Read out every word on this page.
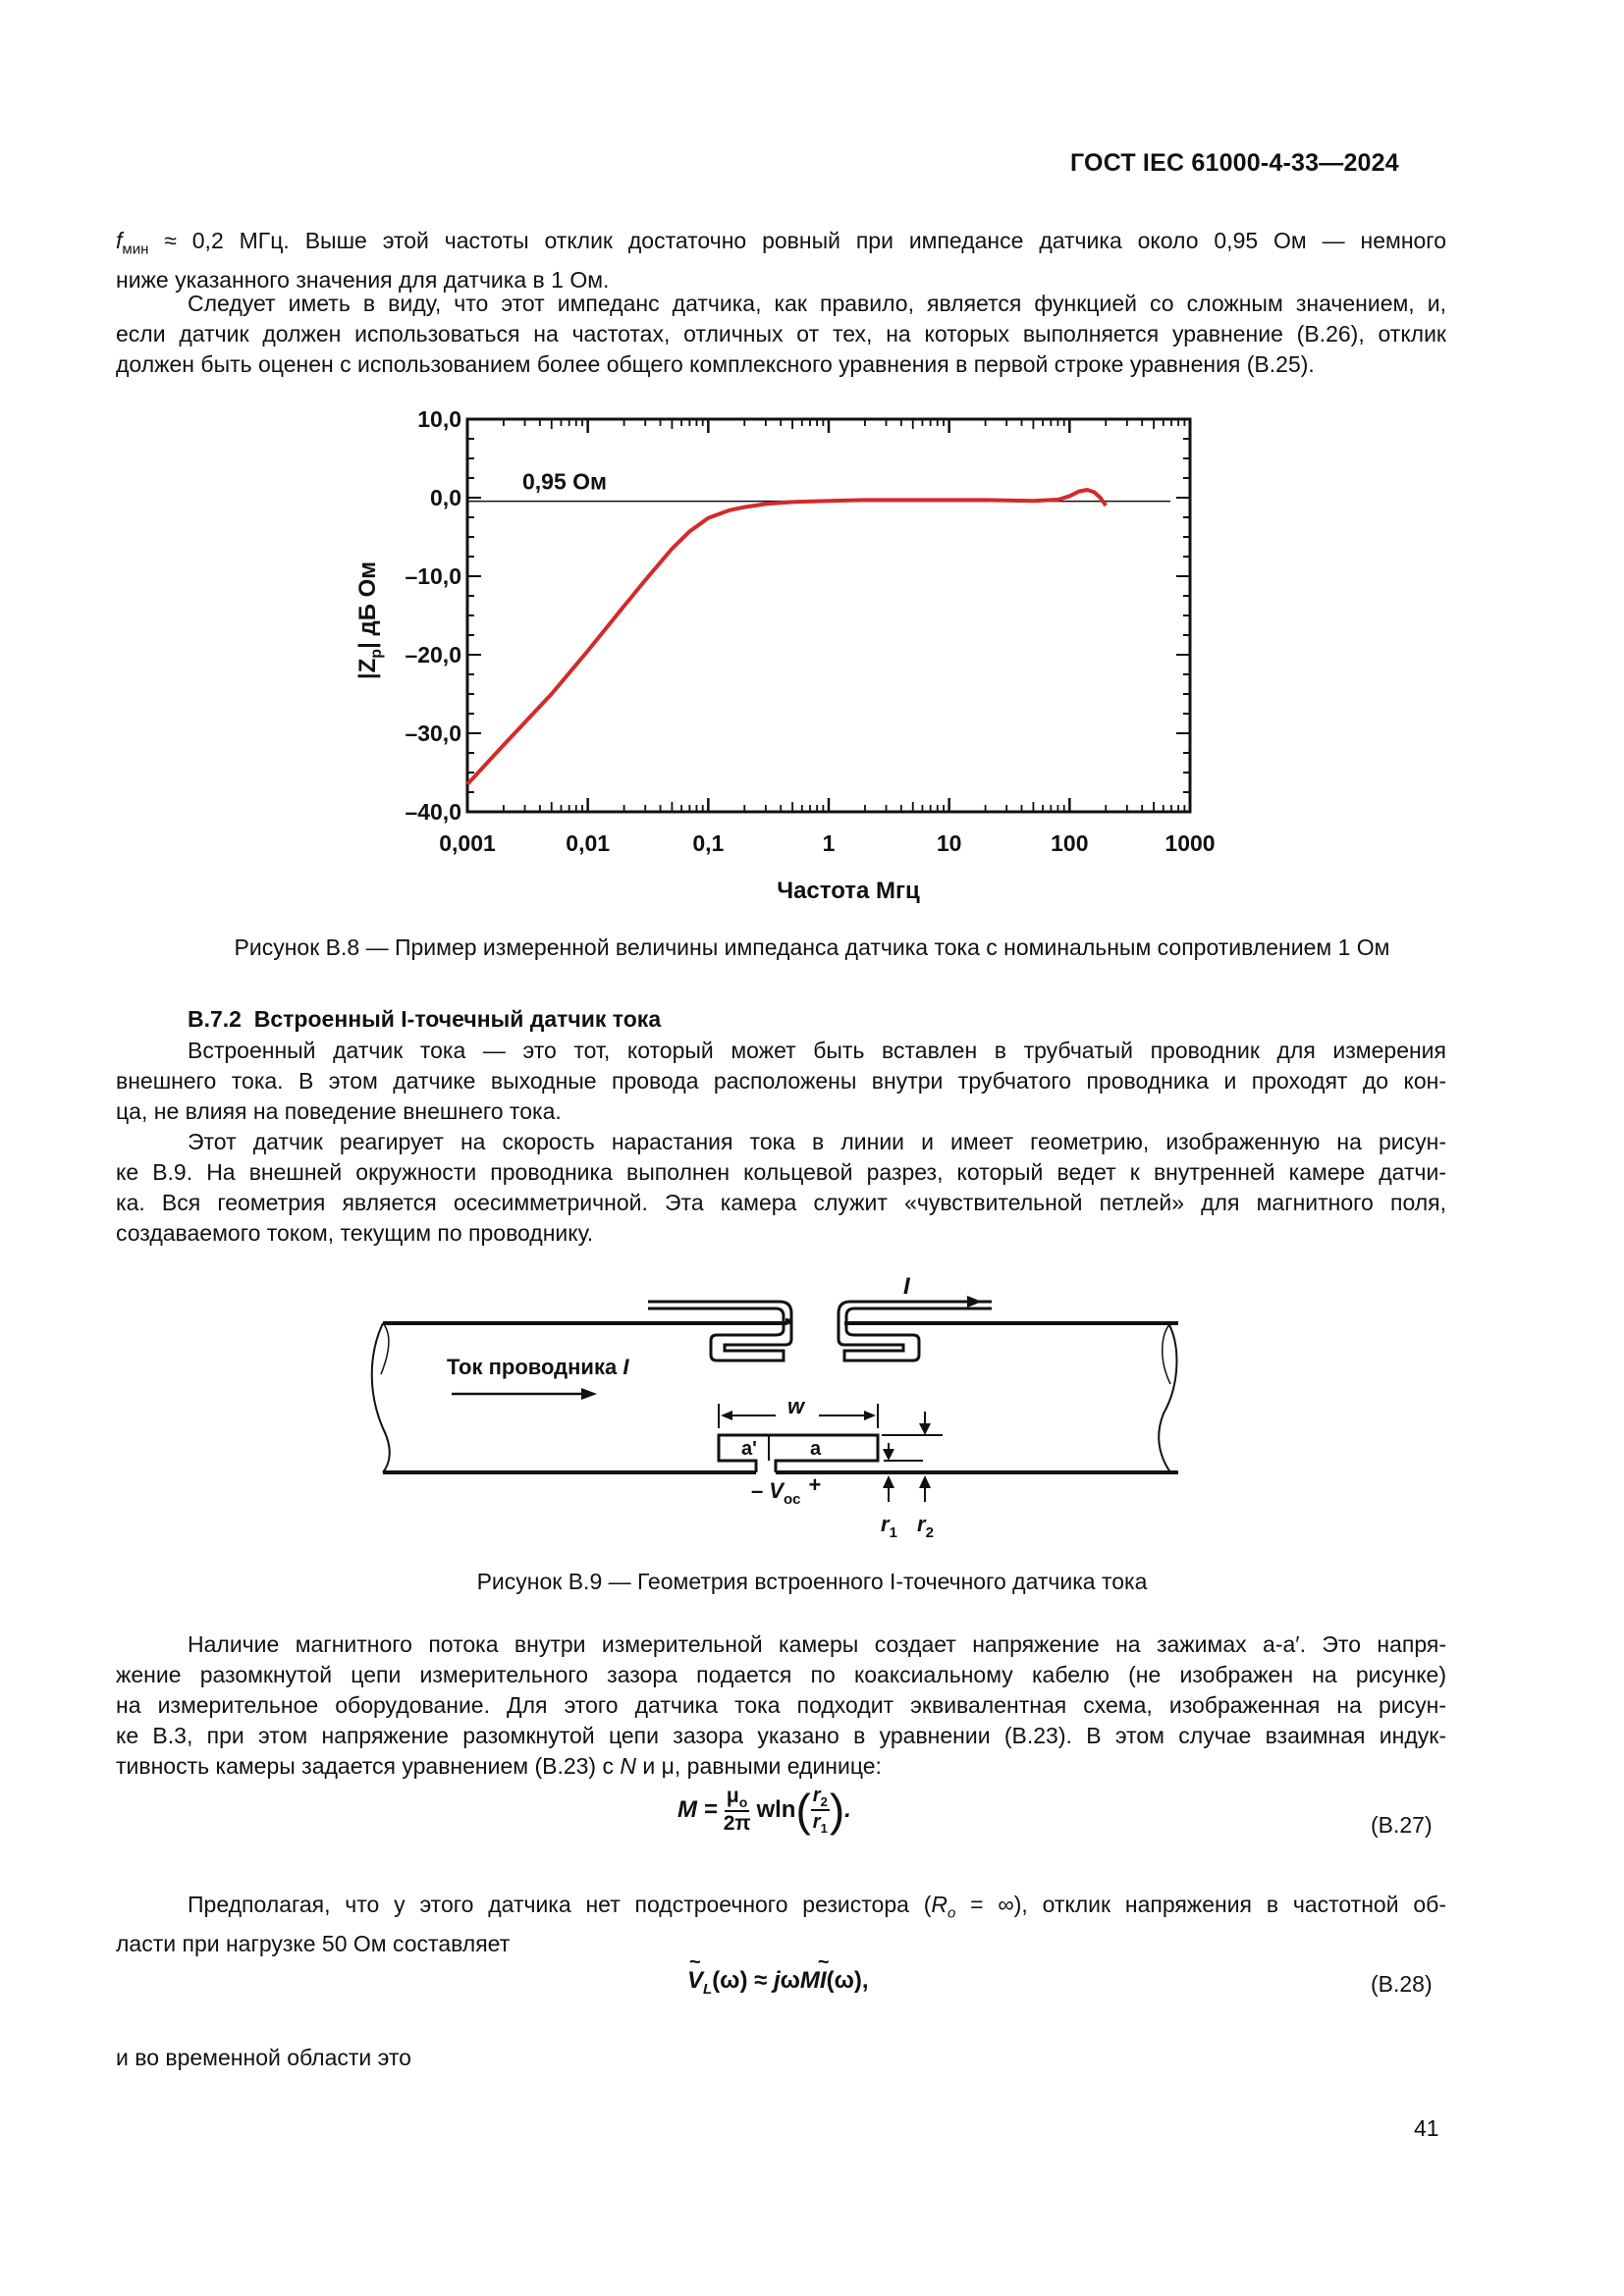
ГОСТ IEC 61000-4-33—2024
$f_{мин} \approx 0,2$ МГц. Выше этой частоты отклик достаточно ровный при импедансе датчика около 0,95 Ом — немного
ниже указанного значения для датчика в 1 Ом.
Следует иметь в виду, что этот импеданс датчика, как правило, является функцией со сложным значением, и,
если датчик должен использоваться на частотах, отличных от тех, на которых выполняется уравнение (B.26), отклик
должен быть оценен с использованием более общего комплексного уравнения в первой строке уравнения (B.25).
0,001	0,01	0,1	1	10	100	1000
10,0
0,0
–10,0
–20,0
–30,0
–40,0
0,95 Ом
Частота Мгц
$|Z_p|$ дБ Ом
Рисунок B.8 — Пример измеренной величины импеданса датчика тока с номинальным сопротивлением 1 Ом
B.7.2 Встроенный I-точечный датчик тока
Встроенный датчик тока — это тот, который может быть вставлен в трубчатый проводник для измерения
внешнего тока. В этом датчике выходные провода расположены внутри трубчатого проводника и проходят до кон-
ца, не влияя на поведение внешнего тока.
Этот датчик реагирует на скорость нарастания тока в линии и имеет геометрию, изображенную на рисун-
ке B.9. На внешней окружности проводника выполнен кольцевой разрез, который ведет к внутренней камере датчи-
ка. Вся геометрия является осесимметричной. Эта камера служит «чувствительной петлей» для магнитного поля,
создаваемого током, текущим по проводнику.
I
Ток проводника I
a'	a
w
$r_1$ $r_2$
– $V_{oc}+$
Рисунок B.9 — Геометрия встроенного I-точечного датчика тока
Наличие магнитного потока внутри измерительной камеры создает напряжение на зажимах a-a′. Это напря-
жение разомкнутой цепи измерительного зазора подается по коаксиальному кабелю (не изображен на рисунке)
на измерительное оборудование. Для этого датчика тока подходит эквивалентная схема, изображенная на рисун-
ке B.3, при этом напряжение разомкнутой цепи зазора указано в уравнении (B.23). В этом случае взаимная индук-
тивность камеры задается уравнением (B.23) с N и μ, равными единице:
$M = \frac{\mu_o}{2\pi}$ wln ( $r_2$
$r_1$ ) .
(B.27)
Предполагая, что у этого датчика нет подстроечного резистора ($R_o$ = ∞), отклик напряжения в частотной об-
ласти при нагрузке 50 Ом составляет
V
~
$_L$(ω) ≈ jωMI
~
(ω),	(B.28)
и во временной области это
41
